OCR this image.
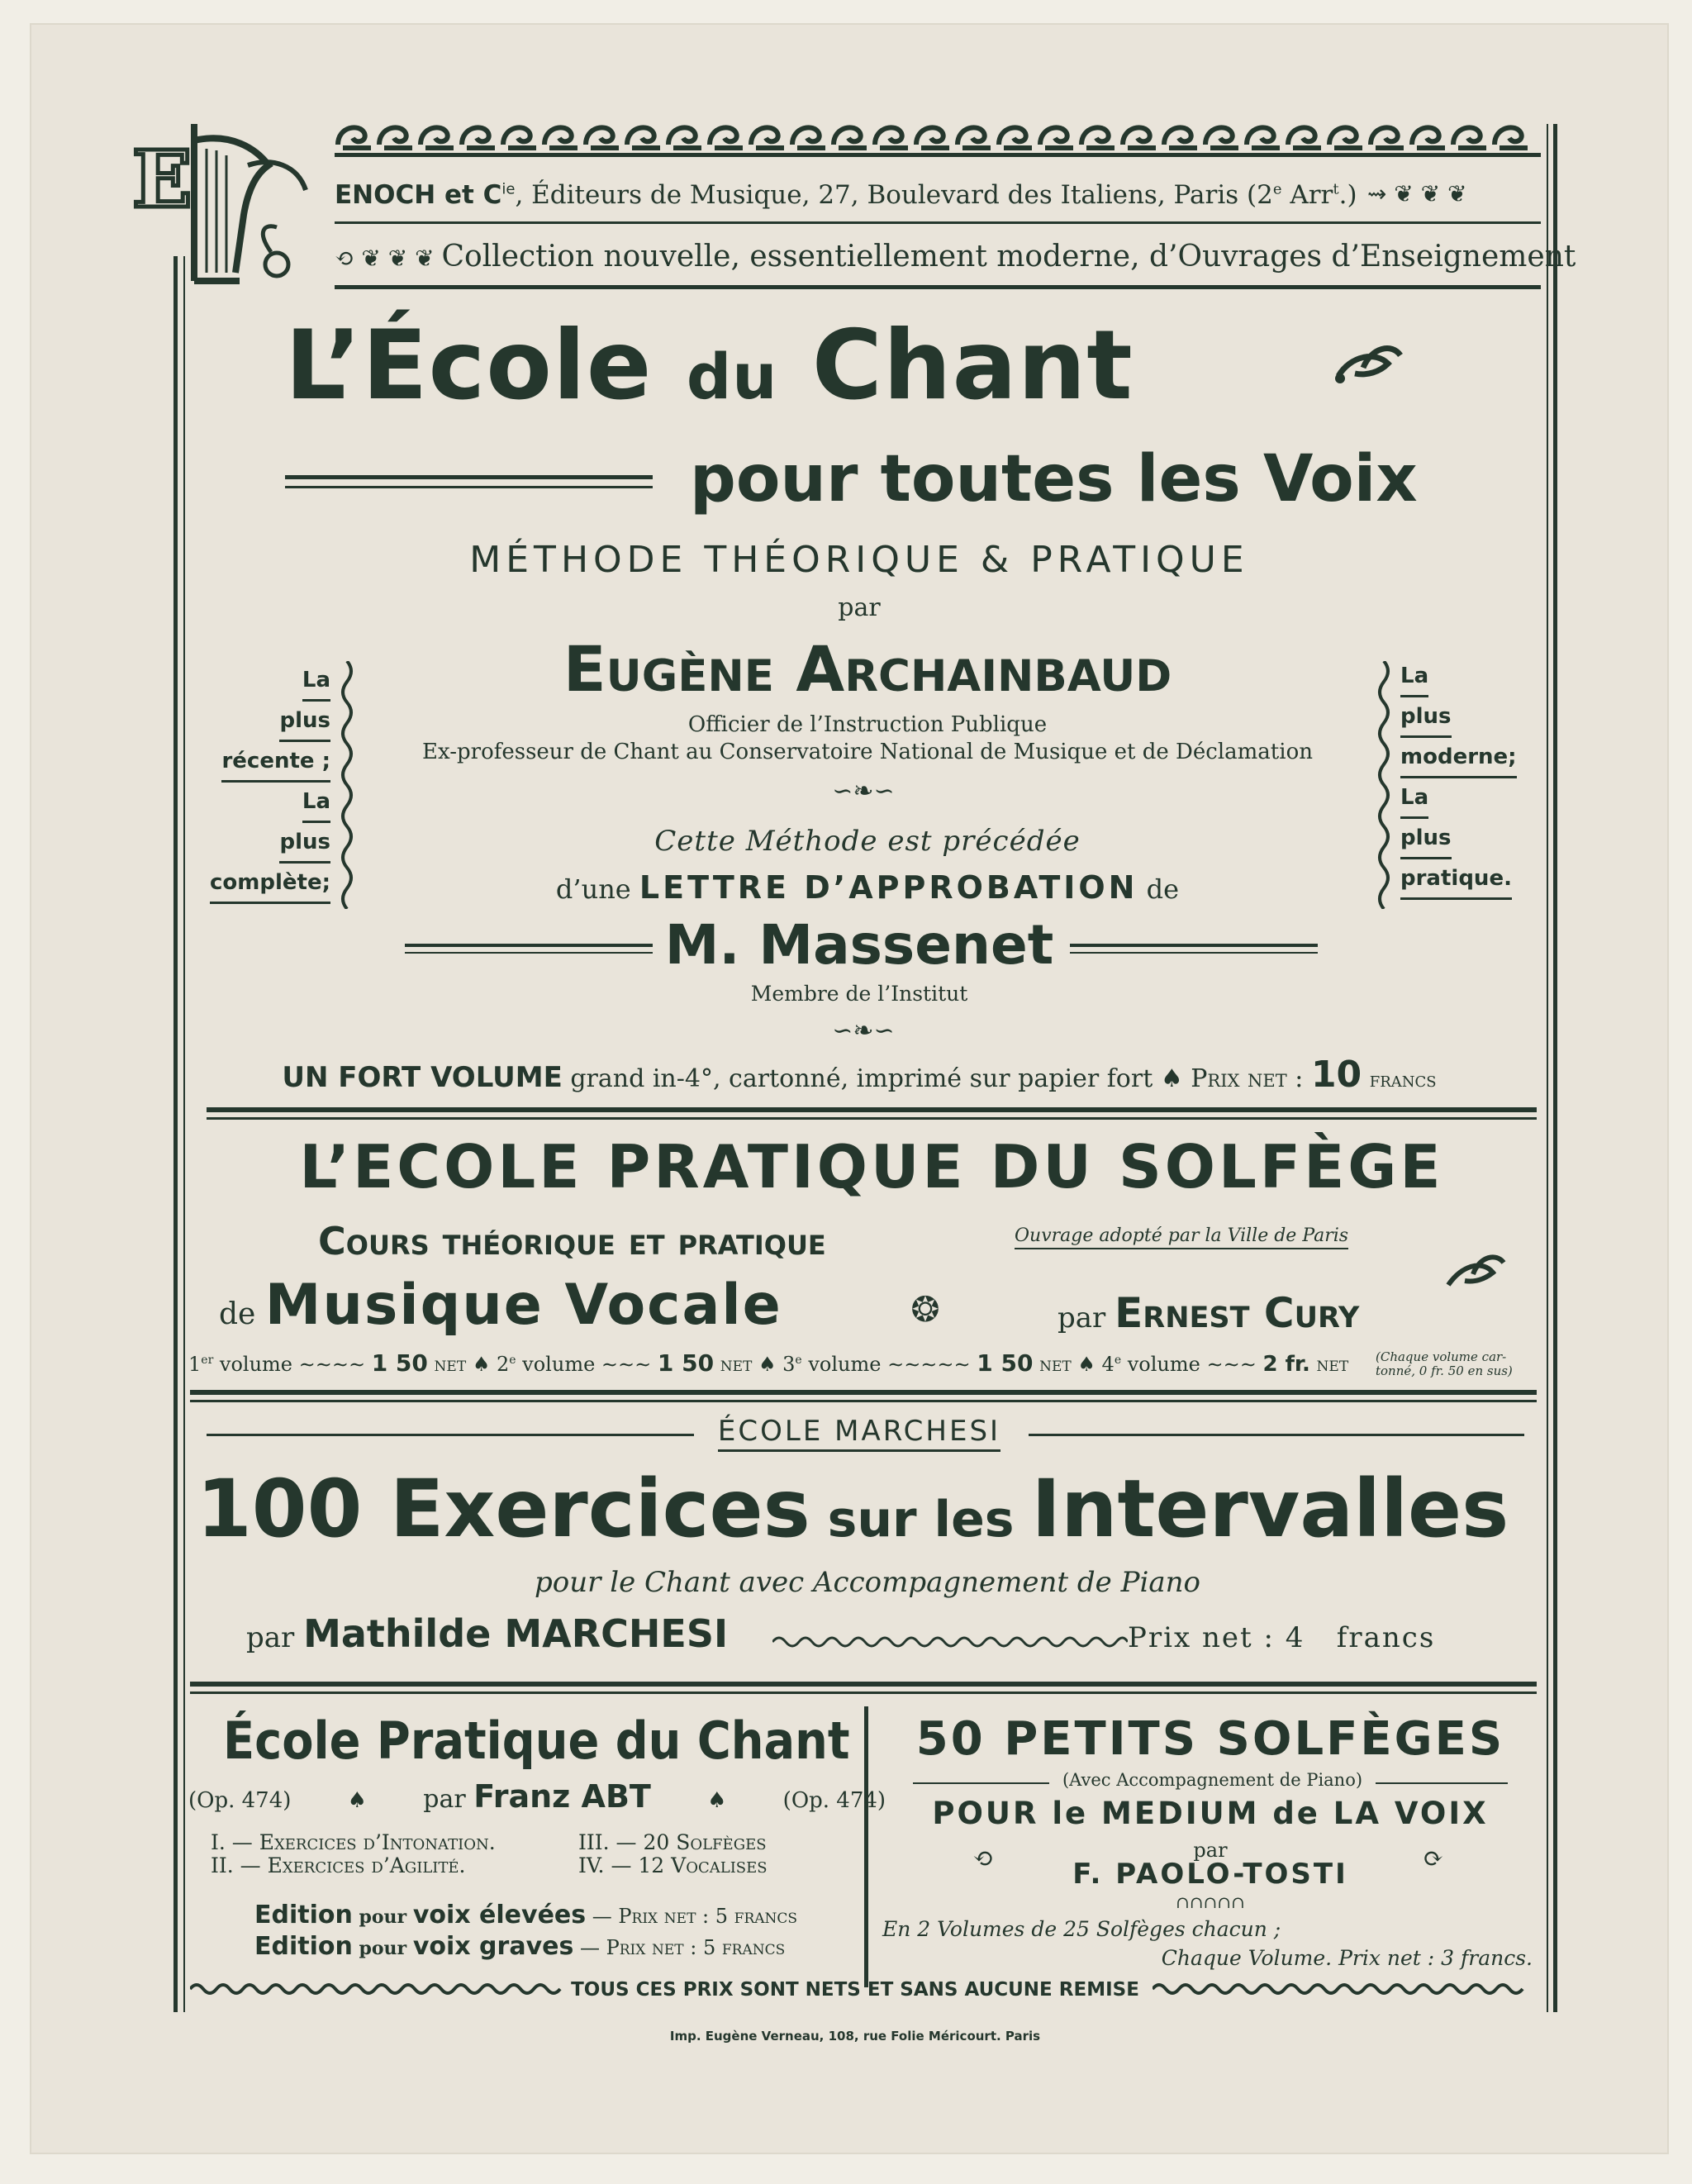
E	ENOCH et $C^{ie}$, Éditeurs de Musique, 27, Boulevard des Italiens, Paris (2e Arr$^t$.) ⇝ ❦ ❦ ❦
⟲ ❦ ❦ ❦ Collection nouvelle, essentiellement moderne, d’Ouvrages d’Enseignement
L’École du Chant
pour toutes les Voix
MÉTHODE THÉORIQUE & PRATIQUE
par
Eugène Archainbaud
Officier de l’Instruction Publique
Ex-professeur de Chant au Conservatoire National de Musique et de Déclamation
∽❧∽
La
plus
récente ;
La
plus
complète;
La
plus
moderne;
La
plus
pratique.
Cette Méthode est précédée
d’une LETTRE D’APPROBATION de
M. Massenet
Membre de l’Institut
∽❧∽
UN FORT VOLUME grand in-4°, cartonné, imprimé sur papier fort ♠ Prix net : 10 francs
L’ECOLE PRATIQUE DU SOLFÈGE
Cours théorique et pratique	Ouvrage adopté par la Ville de Paris
de Musique Vocale	❂	par Ernest Cury
1er volume ∼∼∼∼ 1 50 net ♠ 2e volume ∼∼∼ 1 50 net ♠ 3e volume ∼∼∼∼∼ 1 50 net ♠ 4e volume ∼∼∼ 2 fr. net	(Chaque volume car-
tonné, 0 fr. 50 en sus)
ÉCOLE MARCHESI
100 Exercices sur les Intervalles
pour le Chant avec Accompagnement de Piano
par Mathilde MARCHESI	Prix net : 4   francs
École Pratique du Chant
(Op. 474)	♠ par Franz ABT	♠	(Op. 474)
I. — Exercices d’Intonation.
II. — Exercices d’Agilité.
III. — 20 Solfèges
IV. — 12 Vocalises
Edition pour voix élevées — Prix net : 5 francs
Edition pour voix graves — Prix net : 5 francs
50 PETITS SOLFÈGES
(Avec Accompagnement de Piano)
POUR le MEDIUM de LA VOIX
⟲	par	⟳
F. PAOLO-TOSTI
∩∩∩∩∩
En 2 Volumes de 25 Solfèges chacun ;
Chaque Volume. Prix net : 3 francs.
TOUS CES PRIX SONT NETS ET SANS AUCUNE REMISE
Imp. Eugène Verneau, 108, rue Folie Méricourt. Paris
